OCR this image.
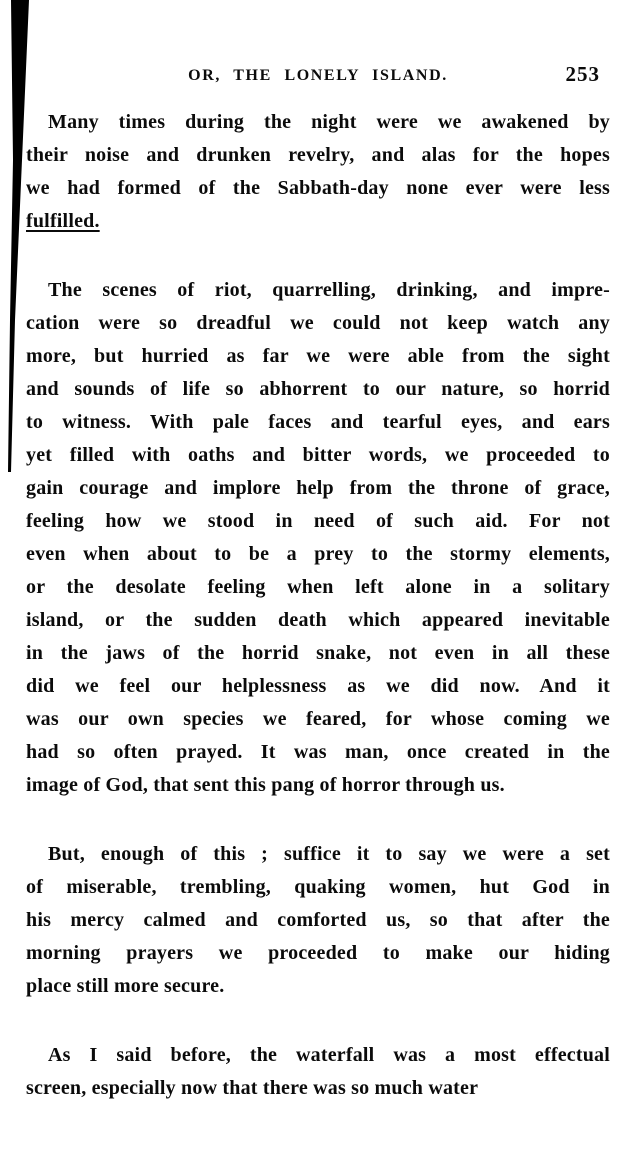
OR, THE LONELY ISLAND.	253

Many times during the night were we awakened by
their noise and drunken revelry, and alas for the hopes
we had formed of the Sabbath-day none ever were less
fulfilled.

The scenes of riot, quarrelling, drinking, and impre-
cation were so dreadful we could not keep watch any
more, but hurried as far we were able from the sight
and sounds of life so abhorrent to our nature, so horrid
to witness. With pale faces and tearful eyes, and ears
yet filled with oaths and bitter words, we proceeded to
gain courage and implore help from the throne of grace,
feeling how we stood in need of such aid. For not
even when about to be a prey to the stormy elements,
or the desolate feeling when left alone in a solitary
island, or the sudden death which appeared inevitable
in the jaws of the horrid snake, not even in all these
did we feel our helplessness as we did now. And it
was our own species we feared, for whose coming we
had so often prayed. It was man, once created in the
image of God, that sent this pang of horror through us.

But, enough of this ; suffice it to say we were a set
of miserable, trembling, quaking women, hut God in
his mercy calmed and comforted us, so that after the
morning prayers we proceeded to make our hiding
place still more secure.

As I said before, the waterfall was a most effectual
screen, especially now that there was so much water
